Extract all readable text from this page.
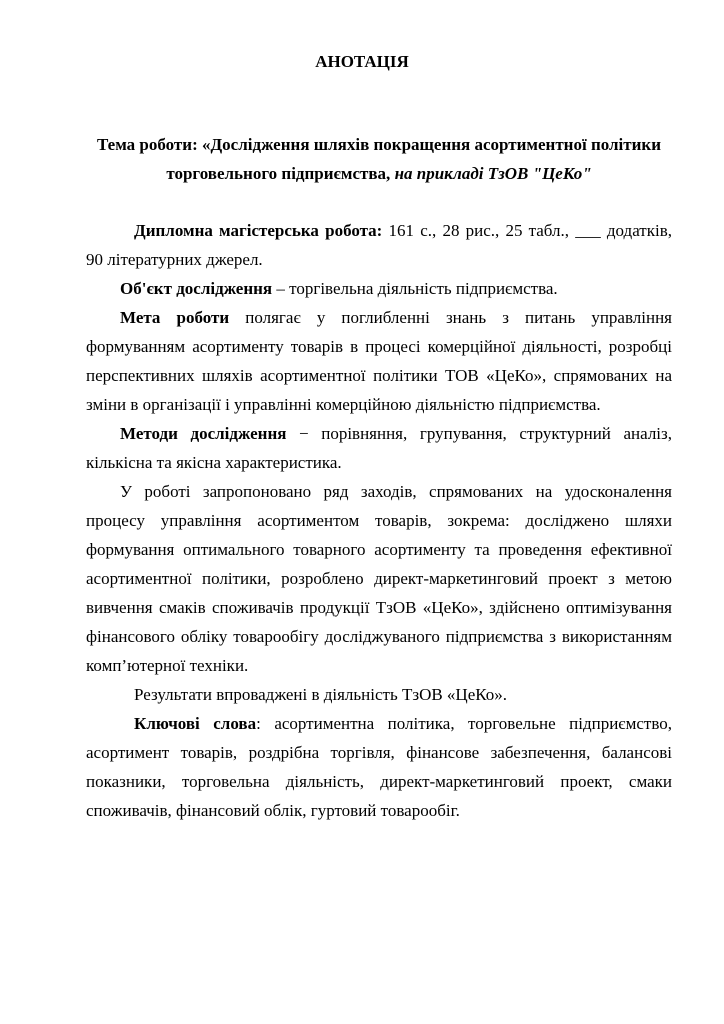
АНОТАЦІЯ
Тема роботи: «Дослідження шляхів покращення асортиментної політики торговельного підприємства, на прикладі ТзОВ "ЦеКо"

Дипломна магістерська робота: 161 с., 28 рис., 25 табл., ___ додатків, 90 літературних джерел.

Об'єкт дослідження – торгівельна діяльність підприємства.

Мета роботи полягає у поглибленні знань з питань управління формуванням асортименту товарів в процесі комерційної діяльності, розробці перспективних шляхів асортиментної політики ТОВ «ЦеКо», спрямованих на зміни в організації і управлінні комерційною діяльністю підприємства.

Методи дослідження − порівняння, групування, структурний аналіз, кількісна та якісна характеристика.

У роботі запропоновано ряд заходів, спрямованих на удосконалення процесу управління асортиментом товарів, зокрема: досліджено шляхи формування оптимального товарного асортименту та проведення ефективної асортиментної політики, розроблено директ-маркетинговий проект з метою вивчення смаків споживачів продукції ТзОВ «ЦеКо», здійснено оптимізування фінансового обліку товарообігу досліджуваного підприємства з використанням комп’ютерної техніки.

Результати впроваджені в діяльність ТзОВ «ЦеКо».

Ключові слова: асортиментна політика, торговельне підприємство, асортимент товарів, роздрібна торгівля, фінансове забезпечення, балансові показники, торговельна діяльність, директ-маркетинговий проект, смаки споживачів, фінансовий облік, гуртовий товарообіг.
